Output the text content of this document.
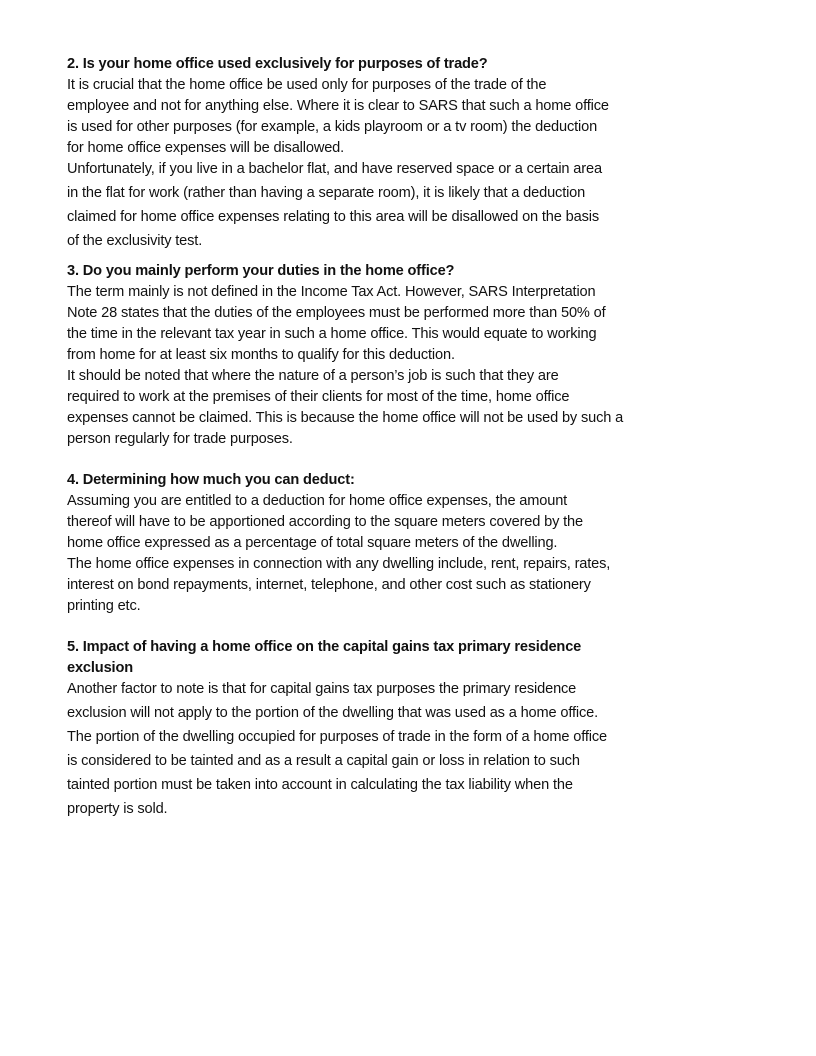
2. Is your home office used exclusively for purposes of trade?
It is crucial that the home office be used only for purposes of the trade of the
employee and not for anything else. Where it is clear to SARS that such a home office
is used for other purposes (for example, a kids playroom or a tv room) the deduction
for home office expenses will be disallowed.
Unfortunately, if you live in a bachelor flat, and have reserved space or a certain area
in the flat for work (rather than having a separate room), it is likely that a deduction
claimed for home office expenses relating to this area will be disallowed on the basis
of the exclusivity test.
3. Do you mainly perform your duties in the home office?
The term mainly is not defined in the Income Tax Act. However, SARS Interpretation
Note 28 states that the duties of the employees must be performed more than 50% of
the time in the relevant tax year in such a home office. This would equate to working
from home for at least six months to qualify for this deduction.
It should be noted that where the nature of a person’s job is such that they are
required to work at the premises of their clients for most of the time, home office
expenses cannot be claimed. This is because the home office will not be used by such a
person regularly for trade purposes.
4. Determining how much you can deduct:
Assuming you are entitled to a deduction for home office expenses, the amount
thereof will have to be apportioned according to the square meters covered by the
home office expressed as a percentage of total square meters of the dwelling.
The home office expenses in connection with any dwelling include, rent, repairs, rates,
interest on bond repayments, internet, telephone, and other cost such as stationery
printing etc.
5. Impact of having a home office on the capital gains tax primary residence
exclusion
Another factor to note is that for capital gains tax purposes the primary residence
exclusion will not apply to the portion of the dwelling that was used as a home office.
The portion of the dwelling occupied for purposes of trade in the form of a home office
is considered to be tainted and as a result a capital gain or loss in relation to such
tainted portion must be taken into account in calculating the tax liability when the
property is sold.
